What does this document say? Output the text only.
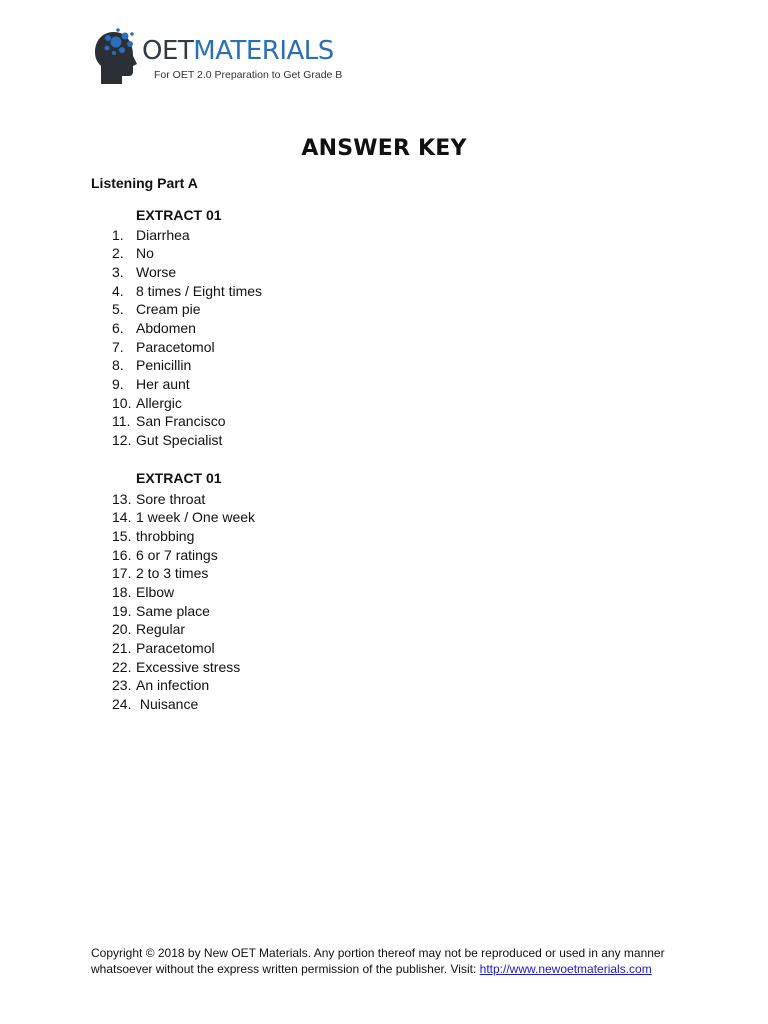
OETMATERIALS
For OET 2.0 Preparation to Get Grade B
ANSWER KEY
Listening Part A
EXTRACT 01
1. Diarrhea
2. No
3. Worse
4. 8 times / Eight times
5. Cream pie
6. Abdomen
7. Paracetomol
8. Penicillin
9. Her aunt
10. Allergic
11. San Francisco
12. Gut Specialist
EXTRACT 01
13. Sore throat
14. 1 week / One week
15. throbbing
16. 6 or 7 ratings
17. 2 to 3 times
18. Elbow
19. Same place
20. Regular
21. Paracetomol
22. Excessive stress
23. An infection
24. Nuisance
Copyright © 2018 by New OET Materials. Any portion thereof may not be reproduced or used in any manner whatsoever without the express written permission of the publisher. Visit: http://www.newoetmaterials.com
